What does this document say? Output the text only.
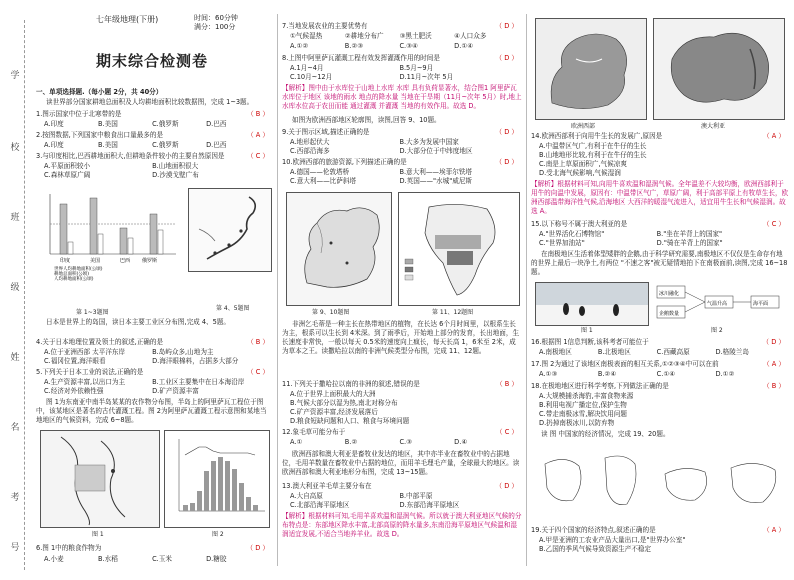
学
校
班
级
姓
名
考
号
七年级地理(下册)	时间：60分钟
满分：100分
期末综合检测卷
一、单项选择题.（每小题 2分，共 40分）
读世界部分国家耕地总面积及人均耕地面积比较数据图，完成 1~3题。
1.图示国家中位于北寒带的是	（ B ）
A.印度	B.美国	C.俄罗斯	D.巴西
2.按图数据,下列国家中粮食出口量最多的是	（ A ）
A.印度	B.美国	C.俄罗斯	D.巴西
3.与印度相比,巴西耕地面积大,但耕地条件较小的主要自然原因是	（ C ）
A.平原面积较小	B.山地面积很大
C.森林草原广阔	D.沙漠戈壁广布
印度	美国	巴西 俄罗斯
世界人均耕地面积(公顷)
耕地总面积(公顷)
人均耕地面积(公顷)
第 1~3题图
第 4、5题图
日本是世界上的岛国，读日本主要工业区分布图,完成 4、5题。
4.关于日本地理位置及领土的叙述,正确的是	（ B ）
A.位于亚洲西部 太平洋东岸	B.岛屿众多,山地为主
C.福冈位置,海洋眼看	D.海洋眼棉料，占据多大部分
5.下列关于日本工业的说法,正确的是	（ C ）
A.生产资源丰富,以出口为主	B.工业区主要集中在日本海沿岸
C.经济对外依赖性强	D.矿产资源丰富
图 1为东南亚中南半岛某某的农作物分布图，半岛上的阿里萨瓦工程位于图中，该某地区是著名的古代灌溉工程。图 2为阿里萨瓦灌溉工程示意图和某地当地地区的气候资料，完成 6~8题。
图 1	图 2
6.图 1中的粮食作物为	（ D ）
A.小麦	B.水稻	C.玉米	D.糖胶
7.当地发展农业的主要优势有	（ D ）
①气候湿热	②耕地分布广 ③黑土肥沃	④人口众多
A.①②	B.②③	C.③④	D.①④
8.上图中阿里萨瓦灌溉工程有效发挥灌溉作用的时间是	（ D ）
A.1月~4月	B.5月~9月
C.10月~12月	D.11月~次年 5月
【解析】图中由于水库位于山地上水库 水库 具有负荷显著水，结合图1 阿里萨瓦水库位于地区 该地的雨水 地点的降水量 当地在干旱期（11月~次年 5月）时,地上水库水位高于农田而能 通过灌溉 并灌溉 当地的有效作用。故选 D。
如图为欧洲西部地区轮廓图，读图,回答 9、10题。
9.关于图示区域,描述正确的是	（ D ）
A.地形起伏大	B.大多为发展中国家
C.西部沿海多	D.大部分位于中纬度地区
10.欧洲西部的旅游资源,下列描述正确的是	（ D ）
A.德国——伦敦塔桥	B.意大利——埃菲尔铁塔
C.意大利——比萨斜塔	D.英国——"水城"威尼斯
第 9、10题图	第 11、12题图
非洲乞毛蒂是一种主长在热带地区的植物，在长达 6个月时间里，以根系生长为主，根系可以生长到 4米深。到了雨季后，开始地上部分的发育，长出地面，生长速度非常快，一般以每天 0.5米的速度向上疯长，每天长高 1，6米至 2米，成为草本之王。读撒哈拉以南的非洲气候类型分布图，完成 11、12题。
11.下列关于撒哈拉以南的非洲的叙述,错误的是	（ B ）
A.位于世界上面积最大的大洲
B.气候大部分以湿为热,南北对称分布
C.矿产资源丰富,经济发展落后
D.粮食短缺问题和人口、粮食与环境问题
12.象毛草可能分布于	（ C ）
A.①	B.②	C.③	D.④
欧洲西部和澳大利亚是畜牧业发达的地区，其中亦半业在畜牧业中的占据地位，毛用羊数量在畜牧业中占据的地位，而用羊毛理毛产量，全球最大的地区。读欧洲西部和澳大利亚地形分布图，完成 13~15题。
13.澳大利亚羊毛草主要分布在	（ D ）
A.大自高原	B.中部平原
C.北部沿海平原地区	D.东部沿海平原地区
【解析】根据材料可知,毛用羊喜欢温和湿润气候。所以就于澳大利亚地区气候的分布特点是：东部地区降水丰富,北部高原的降水量多,东南沿海平原地区气候温和湿润适宜发展,不适合当地养羊业。故选 D。
欧洲西部	澳大利亚
14.欧洲西部利于向用牛生长的发展广,原因是	（ A ）
A.中温带区气广,有利于在牛仔的生长
B.山地地形比较,有利于在牛仔的生长
C.南是上草原面积广,气候凉爽
D.受北海气候影响,气候湿润
【解析】根据材料可知,向用牛喜欢温和湿润气候。全年温差不大较均衡，欧洲西部利于用牛的向温中发展，原因有：中温带区气广，草原广阔，利于高部平原上有牧草生长，欧洲西部温带海洋性气候,沿海地区 大西洋的暖湿气流进入，适宜用牛生长和气候湿润。故选 A。
15.以下称号不属于澳大利亚的是	（ C ）
A."世界活化石博物馆"	B."坐在羊背上的国家"
C."世界加油站"	D."骑在羊背上的国家"
在南极地区生活着体型矮胖的企鹅,由于科学研究需要,南极地区不仅仅是生命存有地的世界上最后一块净土,有两位 "不速之客"被无疑情地拍下在南极面前,读图,完成 16~18题。
冰川融化
气温升高
企鹅数量
海平面
图 1	图 2
16.根据图 1信息判断,该科考者可能位于	（ D ）
A.南极地区	B.北极地区	C.西藏高原	D.格陵兰岛
17.图 2为通过了该地区南极表面的相互关系,①②③④中可以在前	（ A ）
A.①③	B.②④	C.①④	D.①②
18.在极地地区进行科学考察,下列做法正确的是	（ B ）
A.大规模捕杀海豹,丰富食物来源
B.利用电视广播定位,保护生物
C.带走南极冰雪,解决饮用问题
D.扔掉南极冰川,以防弃物
读 图 中国家的经济情况，完成 19、20题。
19.关于四个国家的经济特点,叙述正确的是	（ A ）
A.甲是亚洲的工农业产品大量出口,是"世界办公室"
B.乙国的季风气候导致资源生产不稳定
